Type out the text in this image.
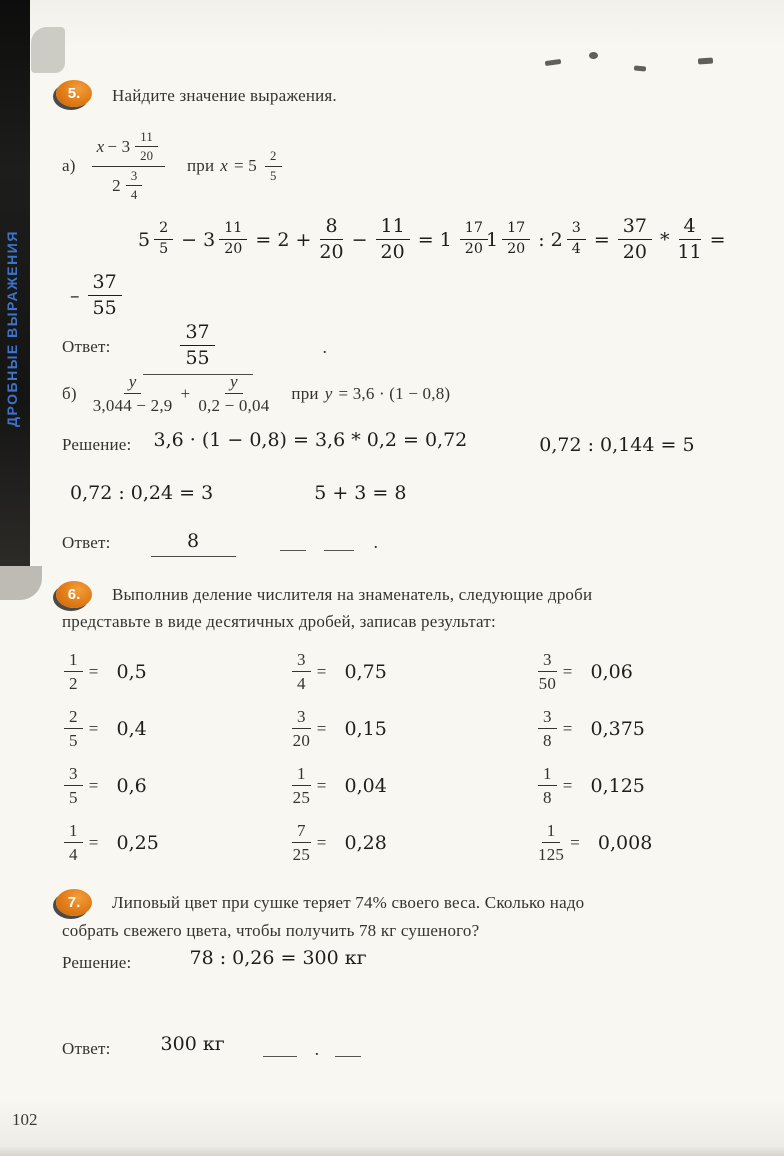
ДРОБНЫЕ ВЫРАЖЕНИЯ
5.	Найдите значение выражения.
а)
x − 3
11
20
2
3
4
при x = 5	2
5
5
2
5 − 3
11
$20 = 2 + \frac{8}{20} - \frac{11}{20} = 1$
17
20 1
17
20 : 2
3
$4 = \frac{37}{20} * \frac{4}{11}$ =
–
37
55
Ответ:
37
55
.
б)
y
3,044 − 2,9
+ $\frac{y}{0,2 - 0,04}$ при y = 3,6 · (1 − 0,8)
Решение: 3,6 · (1 − 0,8) = 3,6 * 0,2 = 0,72	0,72 : 0,144 = 5
0,72 : 0,24 = 3	5 + 3 = 8
Ответ:	8	.
6.	Выполнив деление числителя на знаменатель, следующие дроби
представьте в виде десятичных дробей, записав результат:
$\frac{1}{2} = 0,5$	$\frac{3}{4} = 0,75$	$\frac{3}{50} = 0,06$
$\frac{2}{5} = 0,4$	$\frac{3}{20} = 0,15$	$\frac{3}{8} = 0,375$
$\frac{3}{5} = 0,6$	$\frac{1}{25} = 0,04$	$\frac{1}{8} = 0,125$
$\frac{1}{4} = 0,25$	$\frac{7}{25} = 0,28$	$\frac{1}{125} = 0,008$
7.	Липовый цвет при сушке теряет 74% своего веса. Сколько надо
собрать свежего цвета, чтобы получить 78 кг сушеного?
Решение:	78 : 0,26 = 300 кг
Ответ:	300 кг	.
102
